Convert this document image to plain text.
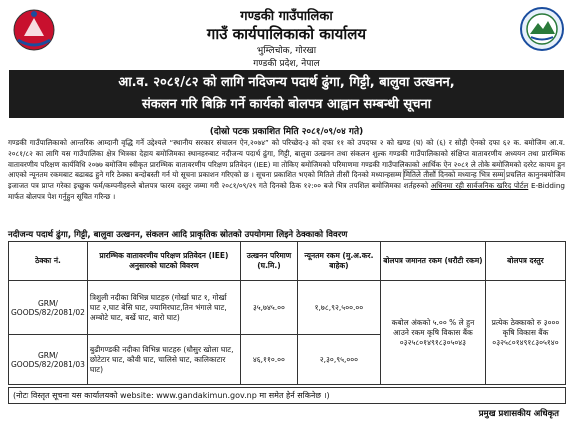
गण्डकी गाउँपालिका
गाउँ कार्यपालिकाको कार्यालय
भुम्लिचोक, गोरखा
गण्डकी प्रदेश, नेपाल
आ.व. २०८१/८२ को लागि नदिजन्य पदार्थ ढुंगा, गिट्टी, बालुवा उत्खनन,
संकलन गरि बिक्रि गर्ने कार्यको बोलपत्र आह्वान सम्बन्धी सूचना
(दोस्रो पटक प्रकाशित मिति २०८१/०९/०४ गते)
गण्डकी गाउँपालिकाको आन्तरिक आम्दानी वृद्धि गर्ने उद्देश्यले “स्थानीय सरकार संचालन ऐन,२०७४” को परिच्छेद-३ को दफा ११ को उपदफा २ को खण्ड (घ) को (६) र सोही ऐनको दफा ६२ क. बमोजिम आ.व. २०८१/८२ का लागि यस गाउँपालिका क्षेत्र भित्रका देहाय बमोजिमका स्थानहरुबाट नदीजन्य पदार्थ ढुंगा, गिट्टी, बालुवा उत्खनन तथा संकलन शुल्क गण्डकी गाउँपालिकाको संक्षिप्त वातावरणीय अध्ययन तथा प्रारम्भिक वातावरणीय परिक्षण कार्यविधि २०७७ बमोजिम स्वीकृत प्रारम्भिक वातावरणीय परिक्षण प्रतिवेदन (IEE) मा तोकिए बमोजिमको परिमाणमा गण्डकी गाउँपालिकाको आर्थिक ऐन २०८१ ले तोके बमोजिमको दररेट कायम हुन आएको न्यूनतम रकमबाट बढाबढ हुने गरि ठेक्का बन्दोबस्ती गर्न यो सूचना प्रकाशन गरिएको छ । सूचना प्रकाशित भएको मितिले तीसौं दिनको मध्यान्हसम्म मितिले तीसौं दिनको मध्यान्ह भित्र सम्म प्रचलित कानुनबमोजिम इजाजत पत्र प्राप्त गरेका इच्छुक फर्म/कम्पनीहरुले बोलपत्र फारम दस्तुर जम्मा गरी २०८१/०९/२९ गते दिनको ठिक १२:०० बजे भित्र तपशिल बमोजिमका शर्तहरुको अधिनमा रही सार्वजनिक खरिद पोर्टल E-Bidding मार्फत बोलपत्र पेश गर्नुहुन सूचित गरिन्छ ।
नदीजन्य पदार्थ ढुंगा, गिट्टी, बालुवा उत्खनन, संकलन आदि प्राकृतिक स्रोतको उपयोगमा लिइने ठेक्काको विवरण
ठेक्का नं.	प्रारम्भिक वातावरणीय परिक्षण प्रतिवेदन (IEE) अनुसारको घाटको विवरण	उत्खनन परिमाण (घ.मि.)	न्यूनतम रकम (मु.अ.कर. बाहेक)	बोलपत्र जमानत रकम (धरौटी रकम)	बोलपत्र दस्तुर
GRM/ GOODS/82/2081/02	त्रिशुली नदीका विभिन्न घाटहरु (गोर्खा घाट १, गोर्खा घाट २,घाट बेसि घाट, ज्यामिरघाट,तिन भंगाले घाट, अम्बोटे घाट, बर्खे घाट, बारो घाट)	३५,७४५.००	१,७८,९२,५००.००	कबोल अंकको ५.०० % ले हुन आउने रकम कृषि विकास बैंक ०३२५८०१४९१८३०५०४३	प्रत्येक ठेक्काको रु ३००० कृषि विकास बैंक ०३२५८०१४९१८३०५१४०
GRM/ GOODS/82/2081/03	बुढीगण्डकी नदीका विभिन्न घाटहरु (धौसुर खोला घाट, छोटेटार घाट, कौवी घाट, चालिसे घाट, कालिकाटार घाट)	४६,११०.००	२,३०,९५,०००		
(नोटः विस्तृत सूचना यस कार्यालयको website: www.gandakimun.gov.np मा समेत हेर्न सकिनेछ ।)
प्रमुख प्रशासकीय अधिकृत
